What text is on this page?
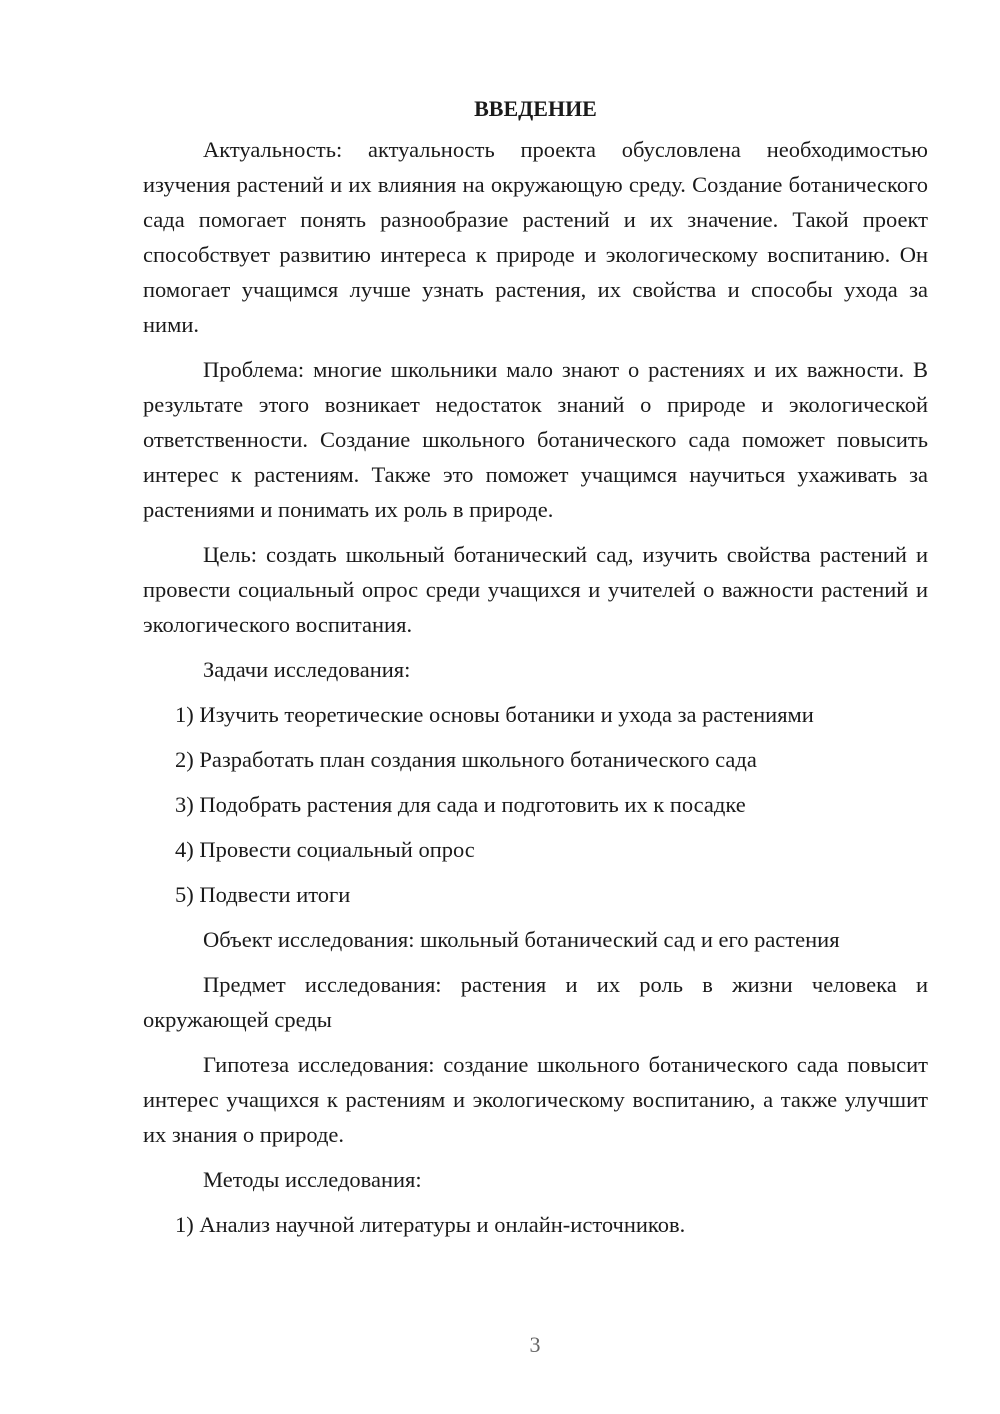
ВВЕДЕНИЕ

Актуальность: актуальность проекта обусловлена необходимостью изучения растений и их влияния на окружающую среду. Создание ботанического сада помогает понять разнообразие растений и их значение. Такой проект способствует развитию интереса к природе и экологическому воспитанию. Он помогает учащимся лучше узнать растения, их свойства и способы ухода за ними.

Проблема: многие школьники мало знают о растениях и их важности. В результате этого возникает недостаток знаний о природе и экологической ответственности. Создание школьного ботанического сада поможет повысить интерес к растениям. Также это поможет учащимся научиться ухаживать за растениями и понимать их роль в природе.

Цель: создать школьный ботанический сад, изучить свойства растений и провести социальный опрос среди учащихся и учителей о важности растений и экологического воспитания.

Задачи исследования:

1) Изучить теоретические основы ботаники и ухода за растениями

2) Разработать план создания школьного ботанического сада

3) Подобрать растения для сада и подготовить их к посадке

4) Провести социальный опрос

5) Подвести итоги

Объект исследования: школьный ботанический сад и его растения

Предмет исследования: растения и их роль в жизни человека и окружающей среды

Гипотеза исследования: создание школьного ботанического сада повысит интерес учащихся к растениям и экологическому воспитанию, а также улучшит их знания о природе.

Методы исследования:

1) Анализ научной литературы и онлайн-источников.

3
